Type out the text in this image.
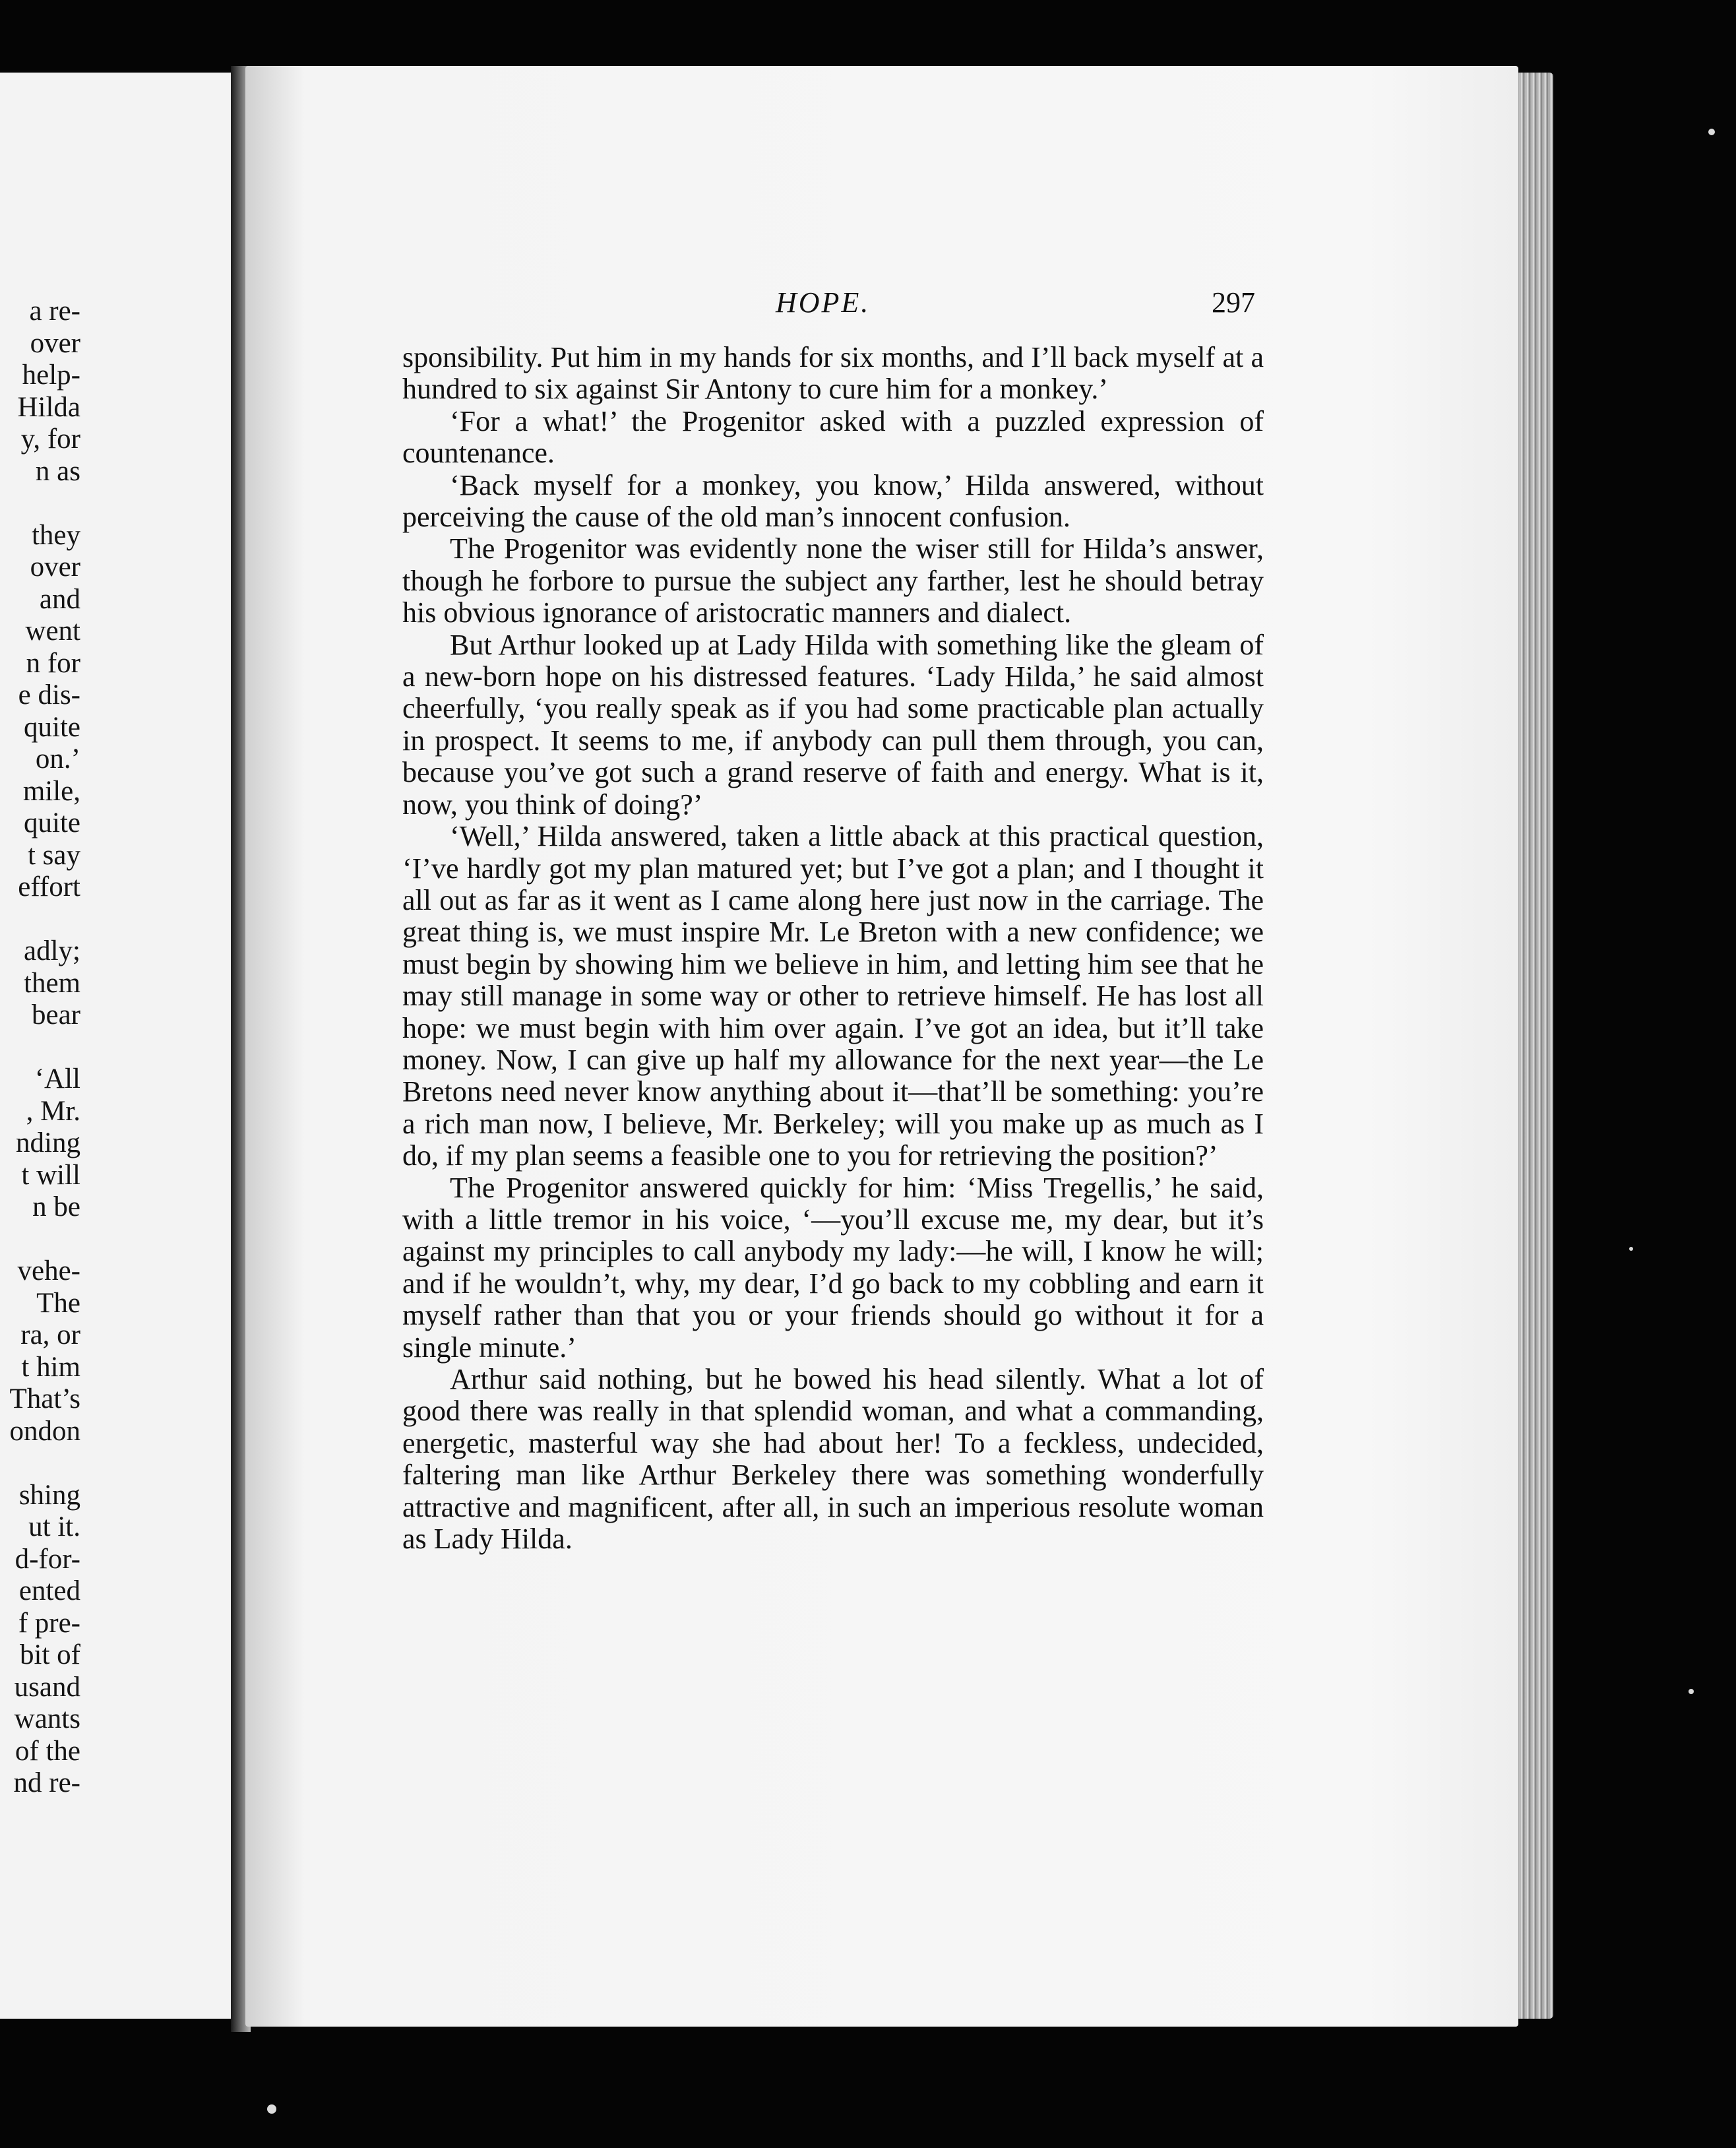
a re-
over
help-
Hilda
y, for
n as
they
over
and
went
n for
e dis-
quite
on.’
mile,
quite
t say
effort
adly;
them
bear
‘All
, Mr.
nding
t will
n be
vehe-
The
ra, or
t him
That’s
ondon
shing
ut it.
d-for-
ented
f pre-
bit of
usand
wants
of the
nd re-
HOPE.	297

sponsibility. Put him in my hands for six months, and I’ll back myself at a hundred to six against Sir Antony to cure him for a monkey.’

‘For a what!’ the Progenitor asked with a puzzled expression of countenance.

‘Back myself for a monkey, you know,’ Hilda answered, without perceiving the cause of the old man’s innocent confusion.

The Progenitor was evidently none the wiser still for Hilda’s answer, though he forbore to pursue the subject any farther, lest he should betray his obvious ignorance of aristocratic manners and dialect.

But Arthur looked up at Lady Hilda with something like the gleam of a new-born hope on his distressed features. ‘Lady Hilda,’ he said almost cheerfully, ‘you really speak as if you had some practicable plan actually in prospect. It seems to me, if anybody can pull them through, you can, because you’ve got such a grand reserve of faith and energy. What is it, now, you think of doing?’

‘Well,’ Hilda answered, taken a little aback at this practical question, ‘I’ve hardly got my plan matured yet; but I’ve got a plan; and I thought it all out as far as it went as I came along here just now in the carriage. The great thing is, we must inspire Mr. Le Breton with a new confidence; we must begin by showing him we believe in him, and letting him see that he may still manage in some way or other to retrieve himself. He has lost all hope: we must begin with him over again. I’ve got an idea, but it’ll take money. Now, I can give up half my allowance for the next year—the Le Bretons need never know anything about it—that’ll be something: you’re a rich man now, I believe, Mr. Berkeley; will you make up as much as I do, if my plan seems a feasible one to you for retrieving the position?’

The Progenitor answered quickly for him: ‘Miss Tregellis,’ he said, with a little tremor in his voice, ‘—you’ll excuse me, my dear, but it’s against my principles to call anybody my lady:—he will, I know he will; and if he wouldn’t, why, my dear, I’d go back to my cobbling and earn it myself rather than that you or your friends should go without it for a single minute.’

Arthur said nothing, but he bowed his head silently. What a lot of good there was really in that splendid woman, and what a commanding, energetic, masterful way she had about her! To a feckless, undecided, faltering man like Arthur Berkeley there was something wonderfully attractive and magnificent, after all, in such an imperious resolute woman as Lady Hilda.
